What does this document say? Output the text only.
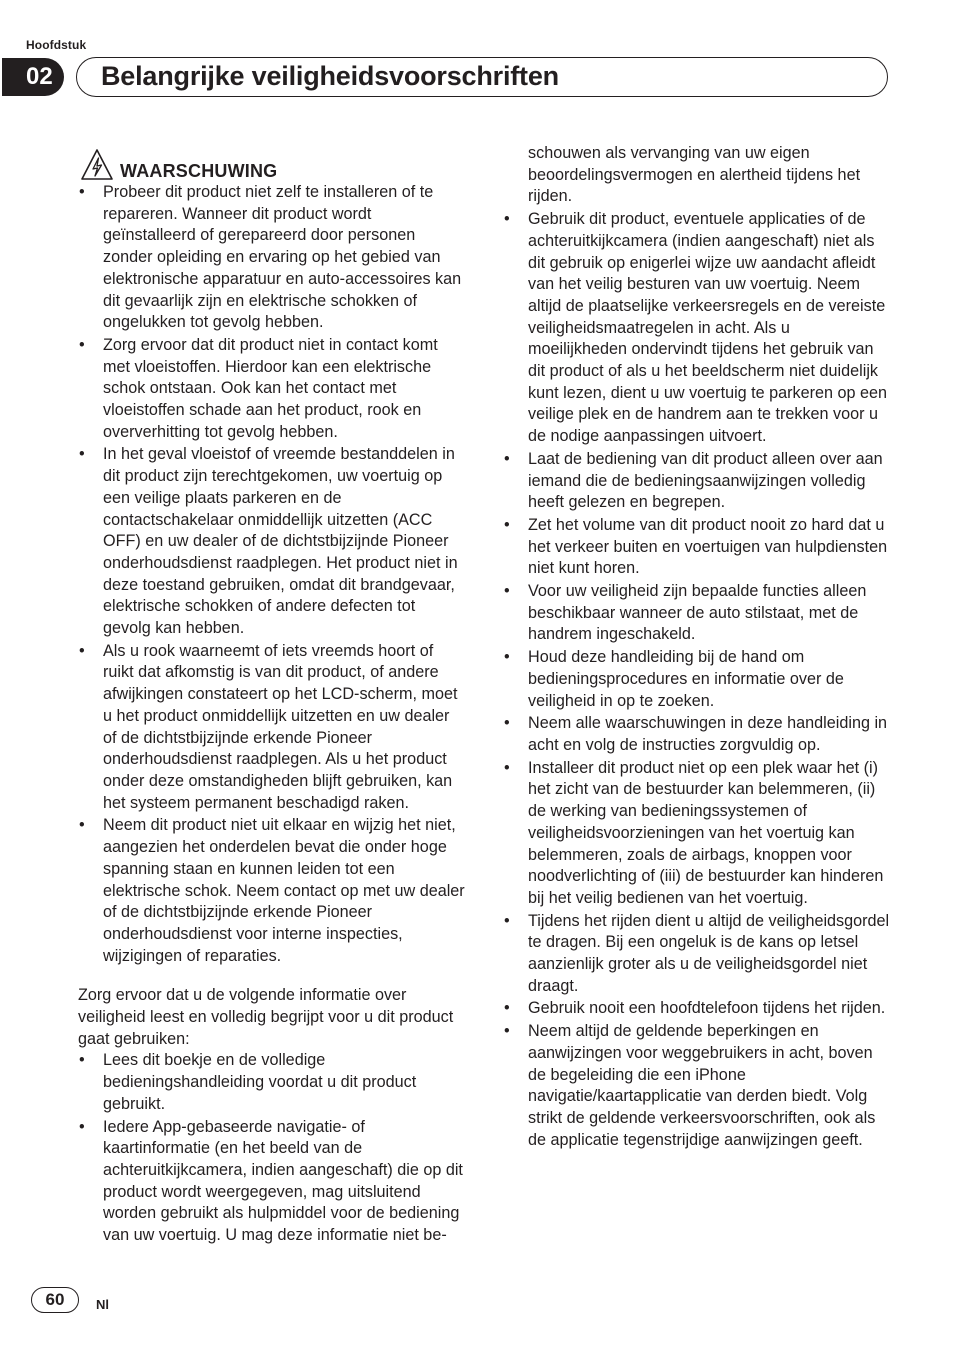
Hoofdstuk
02	Belangrijke veiligheidsvoorschriften
WAARSCHUWING
• Probeer dit product niet zelf te installeren of te repareren. Wanneer dit product wordt geïnstalleerd of gerepareerd door personen zonder opleiding en ervaring op het gebied van elektronische apparatuur en auto-accessoires kan dit gevaarlijk zijn en elektrische schokken of ongelukken tot gevolg hebben.
• Zorg ervoor dat dit product niet in contact komt met vloeistoffen. Hierdoor kan een elektrische schok ontstaan. Ook kan het contact met vloeistoffen schade aan het product, rook en oververhitting tot gevolg hebben.
• In het geval vloeistof of vreemde bestanddelen in dit product zijn terechtgekomen, uw voertuig op een veilige plaats parkeren en de contactschakelaar onmiddellijk uitzetten (ACC OFF) en uw dealer of de dichtstbijzijnde Pioneer onderhoudsdienst raadplegen. Het product niet in deze toestand gebruiken, omdat dit brandgevaar, elektrische schokken of andere defecten tot gevolg kan hebben.
• Als u rook waarneemt of iets vreemds hoort of ruikt dat afkomstig is van dit product, of andere afwijkingen constateert op het LCD-scherm, moet u het product onmiddellijk uitzetten en uw dealer of de dichtstbijzijnde erkende Pioneer onderhoudsdienst raadplegen. Als u het product onder deze omstandigheden blijft gebruiken, kan het systeem permanent beschadigd raken.
• Neem dit product niet uit elkaar en wijzig het niet, aangezien het onderdelen bevat die onder hoge spanning staan en kunnen leiden tot een elektrische schok. Neem contact op met uw dealer of de dichtstbijzijnde erkende Pioneer onderhoudsdienst voor interne inspecties, wijzigingen of reparaties.

Zorg ervoor dat u de volgende informatie over veiligheid leest en volledig begrijpt voor u dit product gaat gebruiken:

• Lees dit boekje en de volledige bedieningshandleiding voordat u dit product gebruikt.
• Iedere App-gebaseerde navigatie- of kaartinformatie (en het beeld van de achteruitkijkcamera, indien aangeschaft) die op dit product wordt weergegeven, mag uitsluitend worden gebruikt als hulpmiddel voor de bediening van uw voertuig. U mag deze informatie niet be-
schouwen als vervanging van uw eigen beoordelingsvermogen en alertheid tijdens het rijden.
• Gebruik dit product, eventuele applicaties of de achteruitkijkcamera (indien aangeschaft) niet als dit gebruik op enigerlei wijze uw aandacht afleidt van het veilig besturen van uw voertuig. Neem altijd de plaatselijke verkeersregels en de vereiste veiligheidsmaatregelen in acht. Als u moeilijkheden ondervindt tijdens het gebruik van dit product of als u het beeldscherm niet duidelijk kunt lezen, dient u uw voertuig te parkeren op een veilige plek en de handrem aan te trekken voor u de nodige aanpassingen uitvoert.
• Laat de bediening van dit product alleen over aan iemand die de bedieningsaanwijzingen volledig heeft gelezen en begrepen.
• Zet het volume van dit product nooit zo hard dat u het verkeer buiten en voertuigen van hulpdiensten niet kunt horen.
• Voor uw veiligheid zijn bepaalde functies alleen beschikbaar wanneer de auto stilstaat, met de handrem ingeschakeld.
• Houd deze handleiding bij de hand om bedieningsprocedures en informatie over de veiligheid in op te zoeken.
• Neem alle waarschuwingen in deze handleiding in acht en volg de instructies zorgvuldig op.
• Installeer dit product niet op een plek waar het (i) het zicht van de bestuurder kan belemmeren, (ii) de werking van bedieningssystemen of veiligheidsvoorzieningen van het voertuig kan belemmeren, zoals de airbags, knoppen voor noodverlichting of (iii) de bestuurder kan hinderen bij het veilig bedienen van het voertuig.
• Tijdens het rijden dient u altijd de veiligheidsgordel te dragen. Bij een ongeluk is de kans op letsel aanzienlijk groter als u de veiligheidsgordel niet draagt.
• Gebruik nooit een hoofdtelefoon tijdens het rijden.
• Neem altijd de geldende beperkingen en aanwijzingen voor weggebruikers in acht, boven de begeleiding die een iPhone navigatie/kaartapplicatie van derden biedt. Volg strikt de geldende verkeersvoorschriften, ook als de applicatie tegenstrijdige aanwijzingen geeft.
60	Nl
